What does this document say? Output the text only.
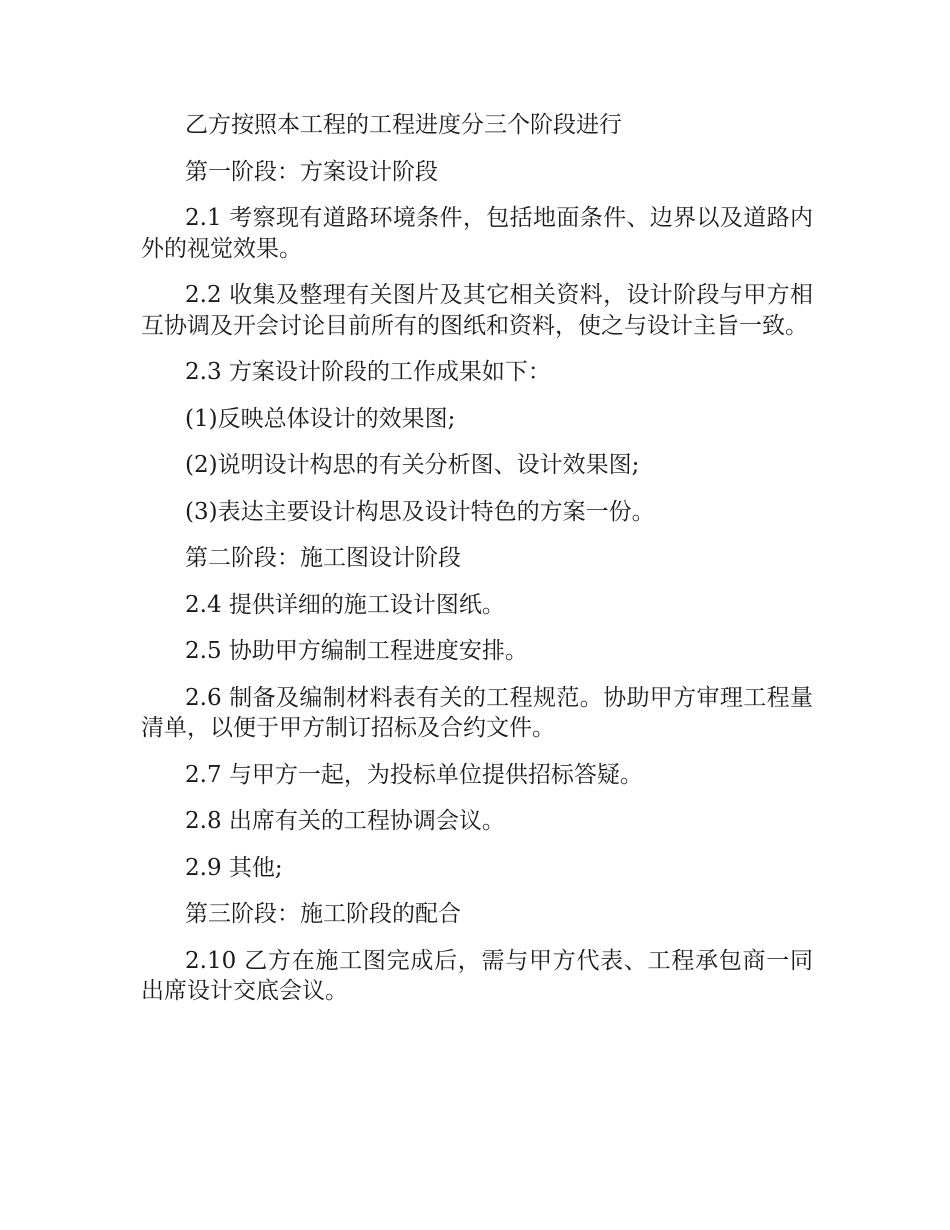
乙方按照本工程的工程进度分三个阶段进行

第一阶段：方案设计阶段

2.1 考察现有道路环境条件，包括地面条件、边界以及道路内外的视觉效果。

2.2 收集及整理有关图片及其它相关资料，设计阶段与甲方相互协调及开会讨论目前所有的图纸和资料，使之与设计主旨一致。

2.3 方案设计阶段的工作成果如下：

(1)反映总体设计的效果图;

(2)说明设计构思的有关分析图、设计效果图;

(3)表达主要设计构思及设计特色的方案一份。

第二阶段：施工图设计阶段

2.4 提供详细的施工设计图纸。

2.5 协助甲方编制工程进度安排。

2.6 制备及编制材料表有关的工程规范。协助甲方审理工程量清单，以便于甲方制订招标及合约文件。

2.7 与甲方一起，为投标单位提供招标答疑。

2.8 出席有关的工程协调会议。

2.9 其他;

第三阶段：施工阶段的配合

2.10 乙方在施工图完成后，需与甲方代表、工程承包商一同出席设计交底会议。
